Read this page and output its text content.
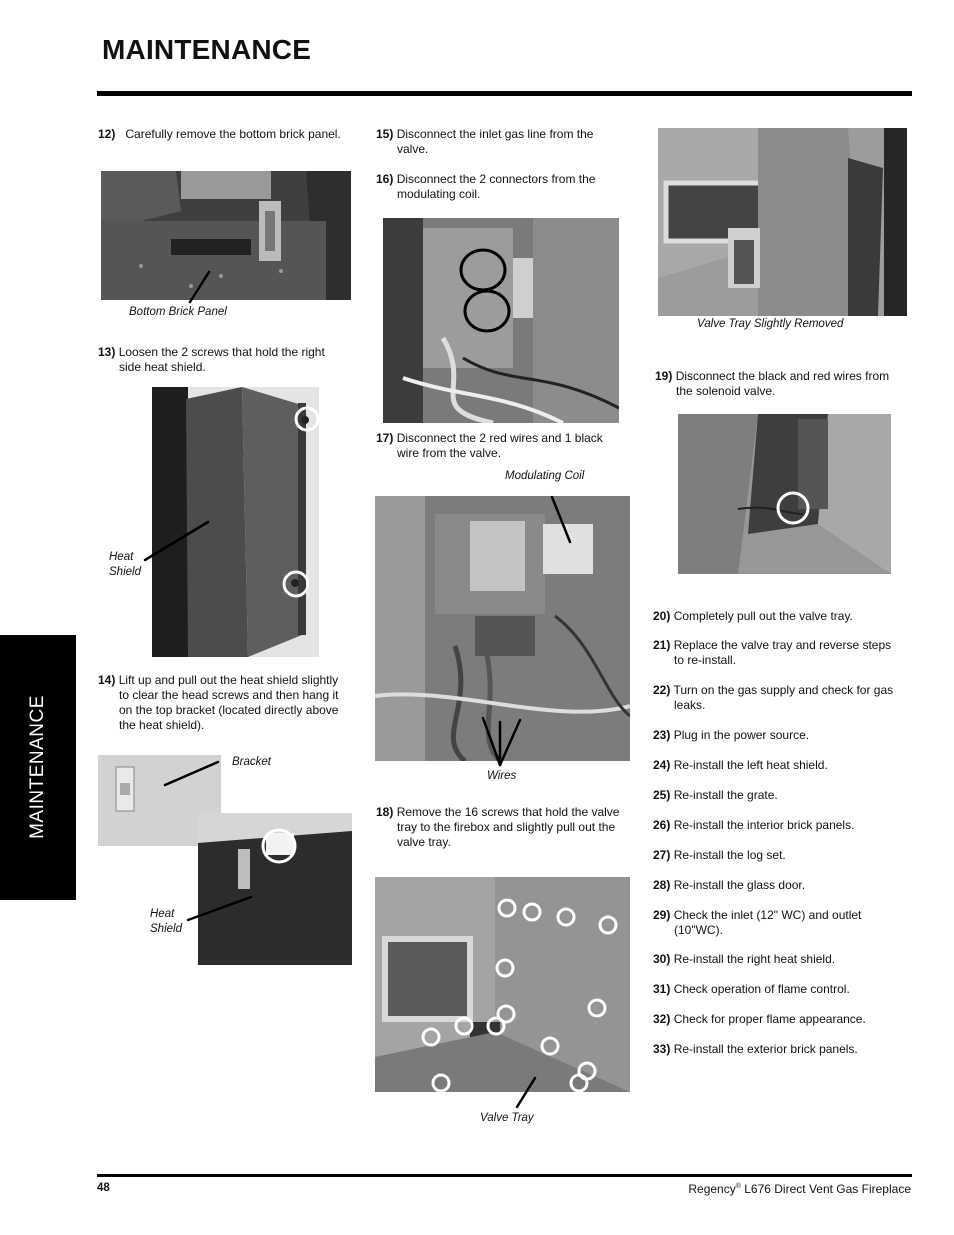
MAINTENANCE
MAINTENANCE
12) Carefully remove the bottom brick panel.
Bottom Brick Panel
13) Loosen the 2 screws that hold the right
side heat shield.
Heat
Shield
14) Lift up and pull out the heat shield slightly
to clear the head screws and then hang it
on the top bracket (located directly above
the heat shield).
Bracket
Heat
Shield
15) Disconnect the inlet gas line from the
valve.
16) Disconnect the 2 connectors from the
modulating coil.
17) Disconnect the 2 red wires and 1 black
wire from the valve.
Modulating Coil
Wires
18) Remove the 16 screws that hold the valve
tray to the firebox and slightly pull out the
valve tray.
Valve Tray
Valve Tray Slightly Removed
19) Disconnect the black and red wires from
the solenoid valve.
20) Completely pull out the valve tray.
21) Replace the valve tray and reverse steps
to re-install.
22) Turn on the gas supply and check for gas
leaks.
23) Plug in the power source.
24) Re-install the left heat shield.
25) Re-install the grate.
26) Re-install the interior brick panels.
27) Re-install the log set.
28) Re-install the glass door.
29) Check the inlet (12" WC) and outlet
(10"WC).
30) Re-install the right heat shield.
31) Check operation of flame control.
32) Check for proper flame appearance.
33) Re-install the exterior brick panels.
48	Regency® L676 Direct Vent Gas Fireplace
